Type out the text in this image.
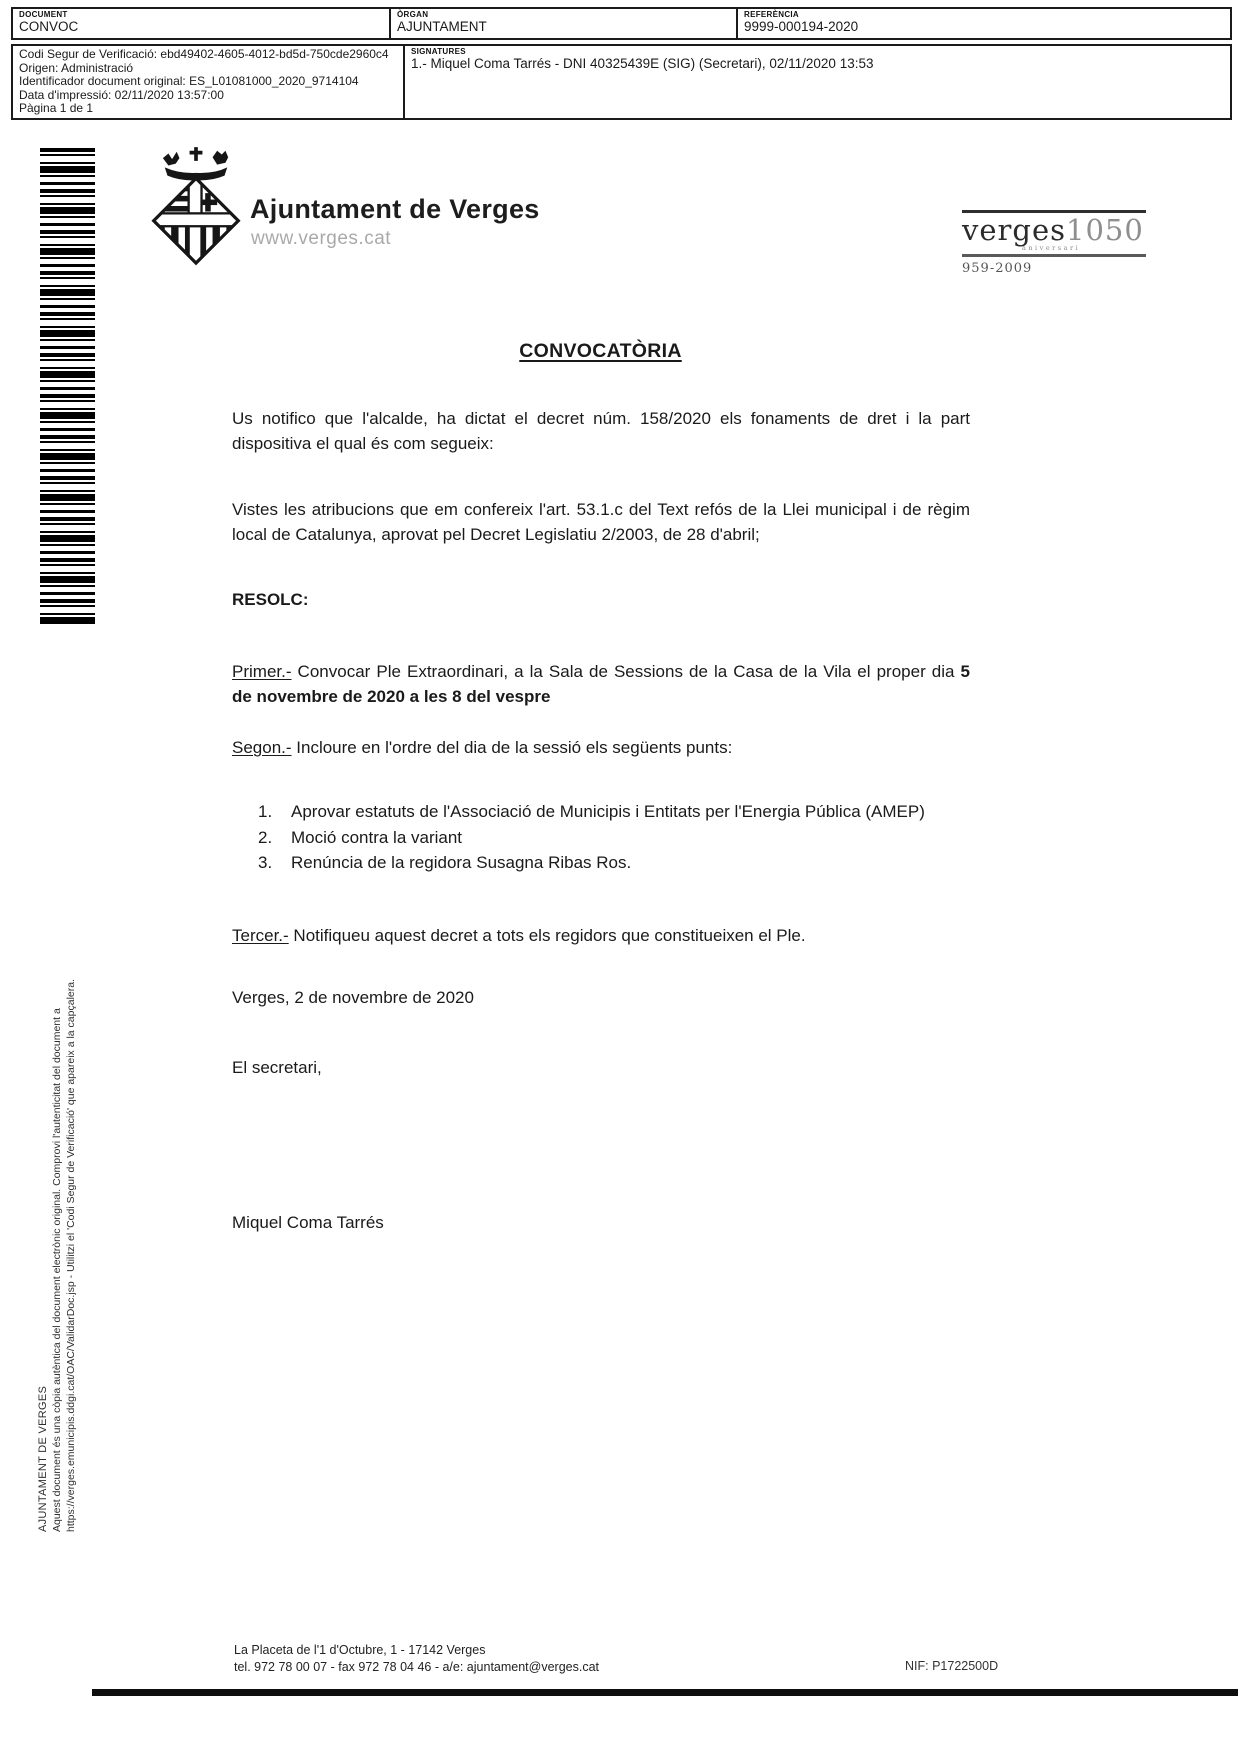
DOCUMENT
CONVOC
ÒRGAN
AJUNTAMENT
REFERÈNCIA
9999-000194-2020
Codi Segur de Verificació: ebd49402-4605-4012-bd5d-750cde2960c4
Origen: Administració
Identificador document original: ES_L01081000_2020_9714104
Data d'impressió: 02/11/2020 13:57:00
Pàgina 1 de 1
SIGNATURES
1.- Miquel Coma Tarrés - DNI 40325439E (SIG) (Secretari), 02/11/2020 13:53
AJUNTAMENT DE VERGES Aquest document és una còpia autèntica del document electrònic original. Comprovi l'autenticitat del document a https://verges.emunicipis.ddgi.cat/OAC/ValidarDoc.jsp - Utilitzi el 'Codi Segur de Verificació' que apareix a la capçalera.
Ajuntament de Verges
www.verges.cat	verges1050
aniversari
959-2009
CONVOCATÒRIA
Us notifico que l'alcalde, ha dictat el decret núm. 158/2020 els fonaments de dret i la part dispositiva el qual és com segueix:
Vistes les atribucions que em confereix l'art. 53.1.c del Text refós de la Llei municipal i de règim local de Catalunya, aprovat pel Decret Legislatiu 2/2003, de 28 d'abril;
RESOLC:
Primer.- Convocar Ple Extraordinari, a la Sala de Sessions de la Casa de la Vila el proper dia 5 de novembre de 2020 a les 8 del vespre
Segon.- Incloure en l'ordre del dia de la sessió els següents punts:
1.	Aprovar estatuts de l'Associació de Municipis i Entitats per l'Energia Pública (AMEP)
2.	Moció contra la variant
3.	Renúncia de la regidora Susagna Ribas Ros.
Tercer.- Notifiqueu aquest decret a tots els regidors que constitueixen el Ple.
Verges, 2 de novembre de 2020
El secretari,
Miquel Coma Tarrés
La Placeta de l'1 d'Octubre, 1 - 17142 Verges
tel. 972 78 00 07 - fax 972 78 04 46 - a/e: ajuntament@verges.cat	NIF: P1722500D
